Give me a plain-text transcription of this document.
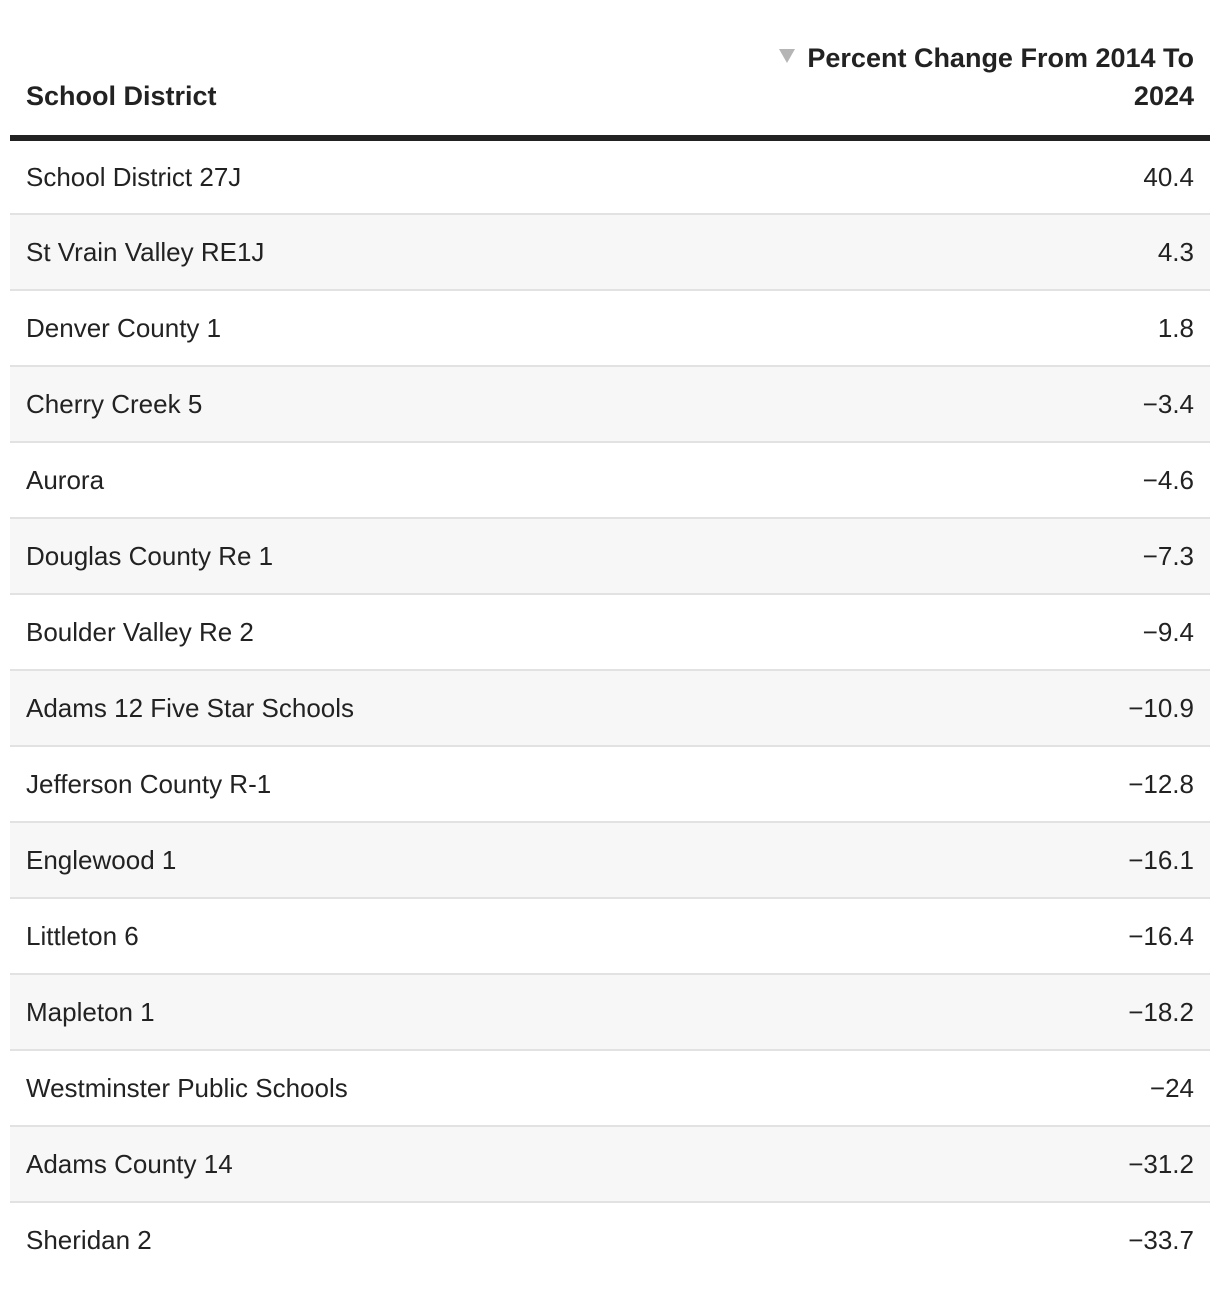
School District	Percent Change From 2014 To 2024
School District 27J	40.4
St Vrain Valley RE1J	4.3
Denver County 1	1.8
Cherry Creek 5	−3.4
Aurora	−4.6
Douglas County Re 1	−7.3
Boulder Valley Re 2	−9.4
Adams 12 Five Star Schools	−10.9
Jefferson County R-1	−12.8
Englewood 1	−16.1
Littleton 6	−16.4
Mapleton 1	−18.2
Westminster Public Schools	−24
Adams County 14	−31.2
Sheridan 2	−33.7
